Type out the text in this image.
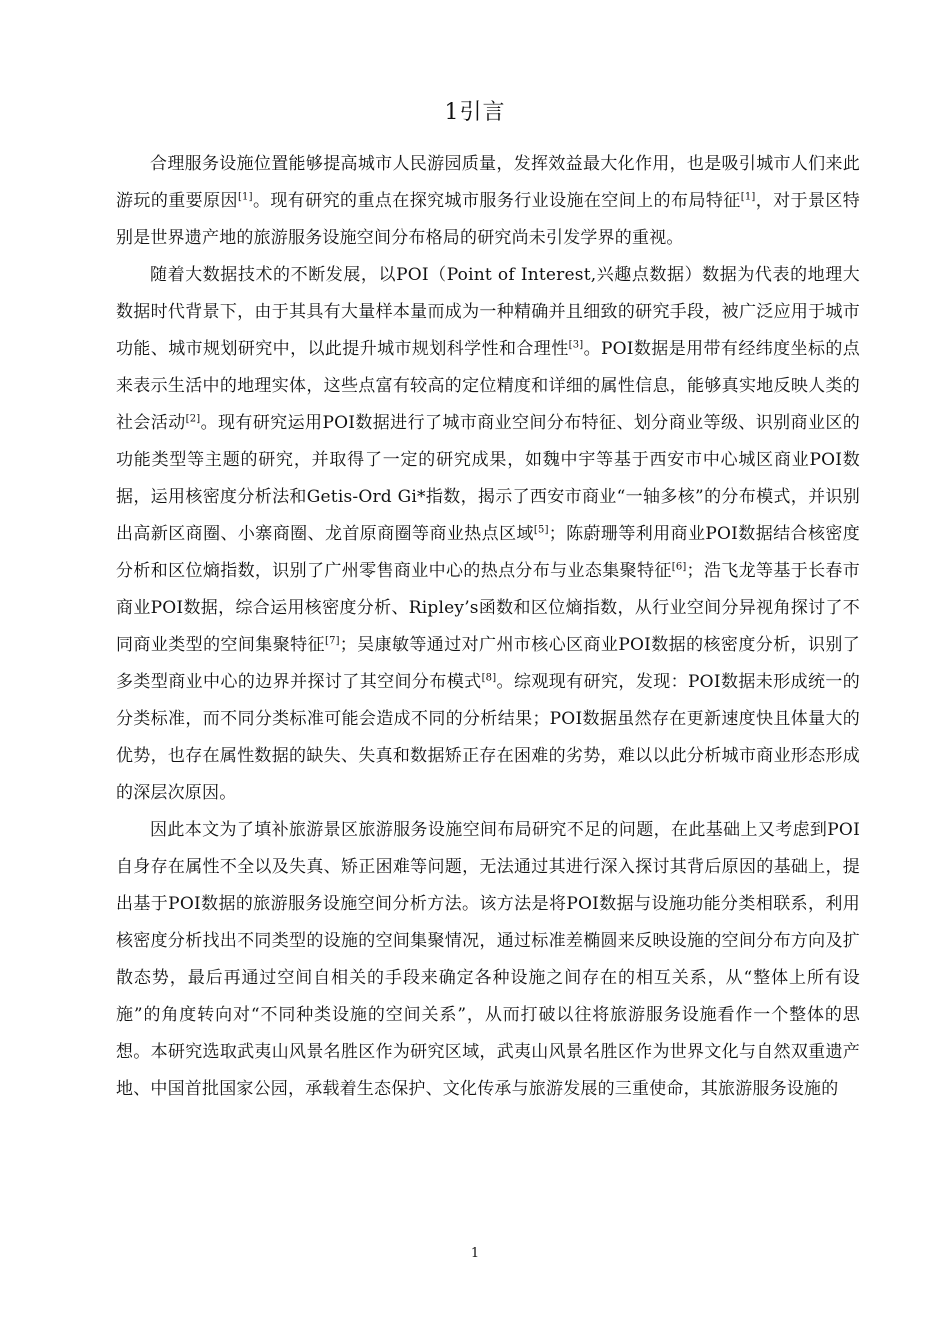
1引言

合理服务设施位置能够提高城市人民游园质量，发挥效益最大化作用，也是吸引城市人们来此游玩的重要原因[1]。现有研究的重点在探究城市服务行业设施在空间上的布局特征[1]，对于景区特别是世界遗产地的旅游服务设施空间分布格局的研究尚未引发学界的重视。

随着大数据技术的不断发展，以POI（Point of Interest,兴趣点数据）数据为代表的地理大数据时代背景下，由于其具有大量样本量而成为一种精确并且细致的研究手段，被广泛应用于城市功能、城市规划研究中，以此提升城市规划科学性和合理性[3]。POI数据是用带有经纬度坐标的点来表示生活中的地理实体，这些点富有较高的定位精度和详细的属性信息，能够真实地反映人类的社会活动[2]。现有研究运用POI数据进行了城市商业空间分布特征、划分商业等级、识别商业区的功能类型等主题的研究，并取得了一定的研究成果，如魏中宇等基于西安市中心城区商业POI数据，运用核密度分析法和Getis-Ord Gi*指数，揭示了西安市商业“一轴多核”的分布模式，并识别出高新区商圈、小寨商圈、龙首原商圈等商业热点区域[5]；陈蔚珊等利用商业POI数据结合核密度分析和区位熵指数，识别了广州零售商业中心的热点分布与业态集聚特征[6]；浩飞龙等基于长春市商业POI数据，综合运用核密度分析、Ripley’s函数和区位熵指数，从行业空间分异视角探讨了不同商业类型的空间集聚特征[7]；吴康敏等通过对广州市核心区商业POI数据的核密度分析，识别了多类型商业中心的边界并探讨了其空间分布模式[8]。综观现有研究，发现：POI数据未形成统一的分类标准，而不同分类标准可能会造成不同的分析结果；POI数据虽然存在更新速度快且体量大的优势，也存在属性数据的缺失、失真和数据矫正存在困难的劣势，难以以此分析城市商业形态形成的深层次原因。

因此本文为了填补旅游景区旅游服务设施空间布局研究不足的问题，在此基础上又考虑到POI自身存在属性不全以及失真、矫正困难等问题，无法通过其进行深入探讨其背后原因的基础上，提出基于POI数据的旅游服务设施空间分析方法。该方法是将POI数据与设施功能分类相联系，利用核密度分析找出不同类型的设施的空间集聚情况，通过标准差椭圆来反映设施的空间分布方向及扩散态势，最后再通过空间自相关的手段来确定各种设施之间存在的相互关系，从“整体上所有设施”的角度转向对“不同种类设施的空间关系”，从而打破以往将旅游服务设施看作一个整体的思想。本研究选取武夷山风景名胜区作为研究区域，武夷山风景名胜区作为世界文化与自然双重遗产地、中国首批国家公园，承载着生态保护、文化传承与旅游发展的三重使命，其旅游服务设施的

1
